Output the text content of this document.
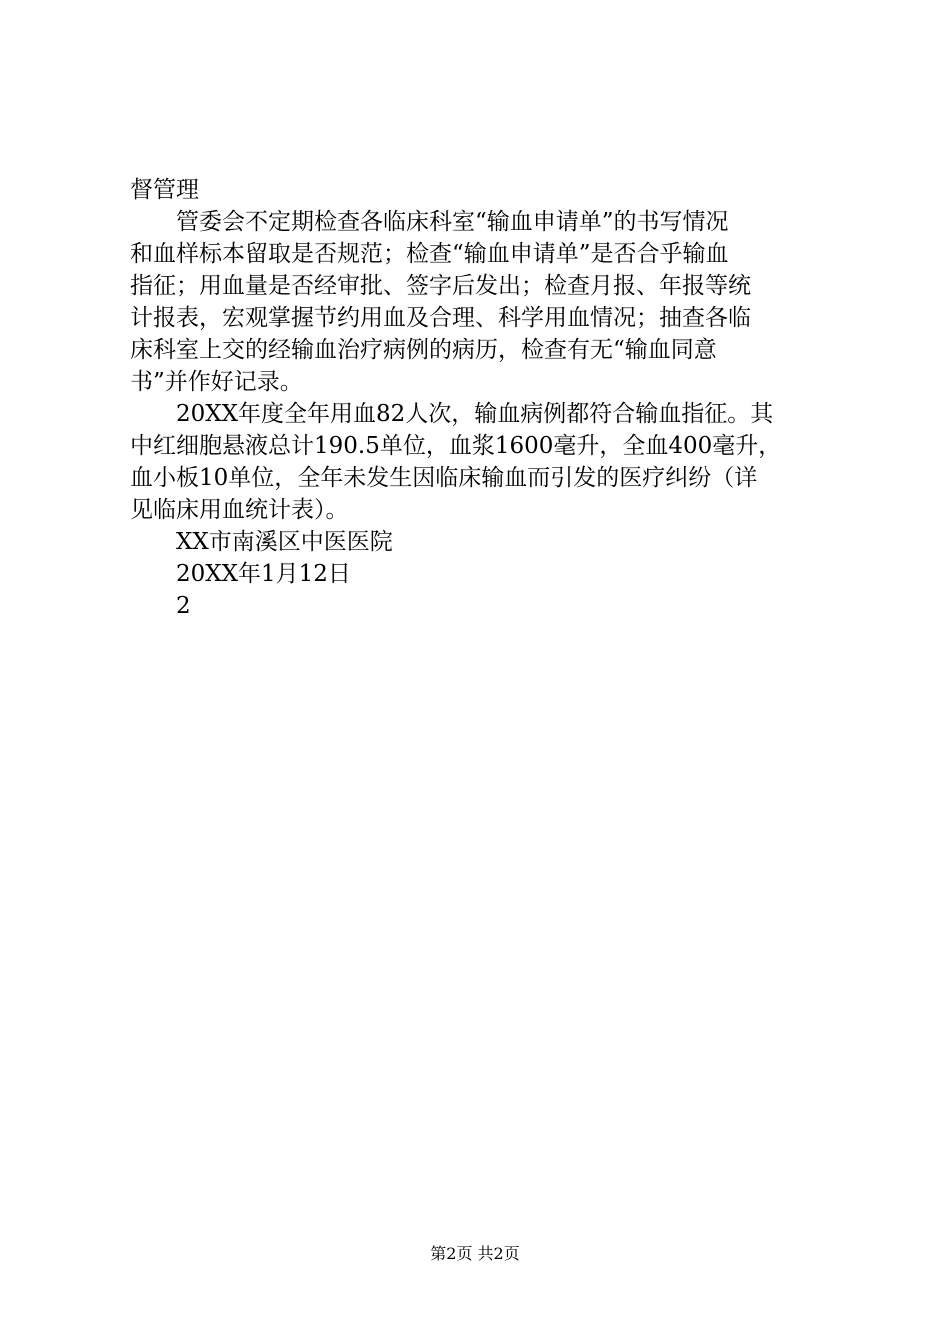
督管理
管委会不定期检查各临床科室“输血申请单”的书写情况
和血样标本留取是否规范；检查“输血申请单”是否合乎输血
指征；用血量是否经审批、签字后发出；检查月报、年报等统
计报表，宏观掌握节约用血及合理、科学用血情况；抽查各临
床科室上交的经输血治疗病例的病历，检查有无“输血同意
书”并作好记录。
20XX年度全年用血82人次，输血病例都符合输血指征。其
中红细胞悬液总计190.5单位，血浆1600毫升，全血400毫升，
血小板10单位，全年未发生因临床输血而引发的医疗纠纷（详
见临床用血统计表）。
XX市南溪区中医医院
20XX年1月12日
2
第2页 共2页
